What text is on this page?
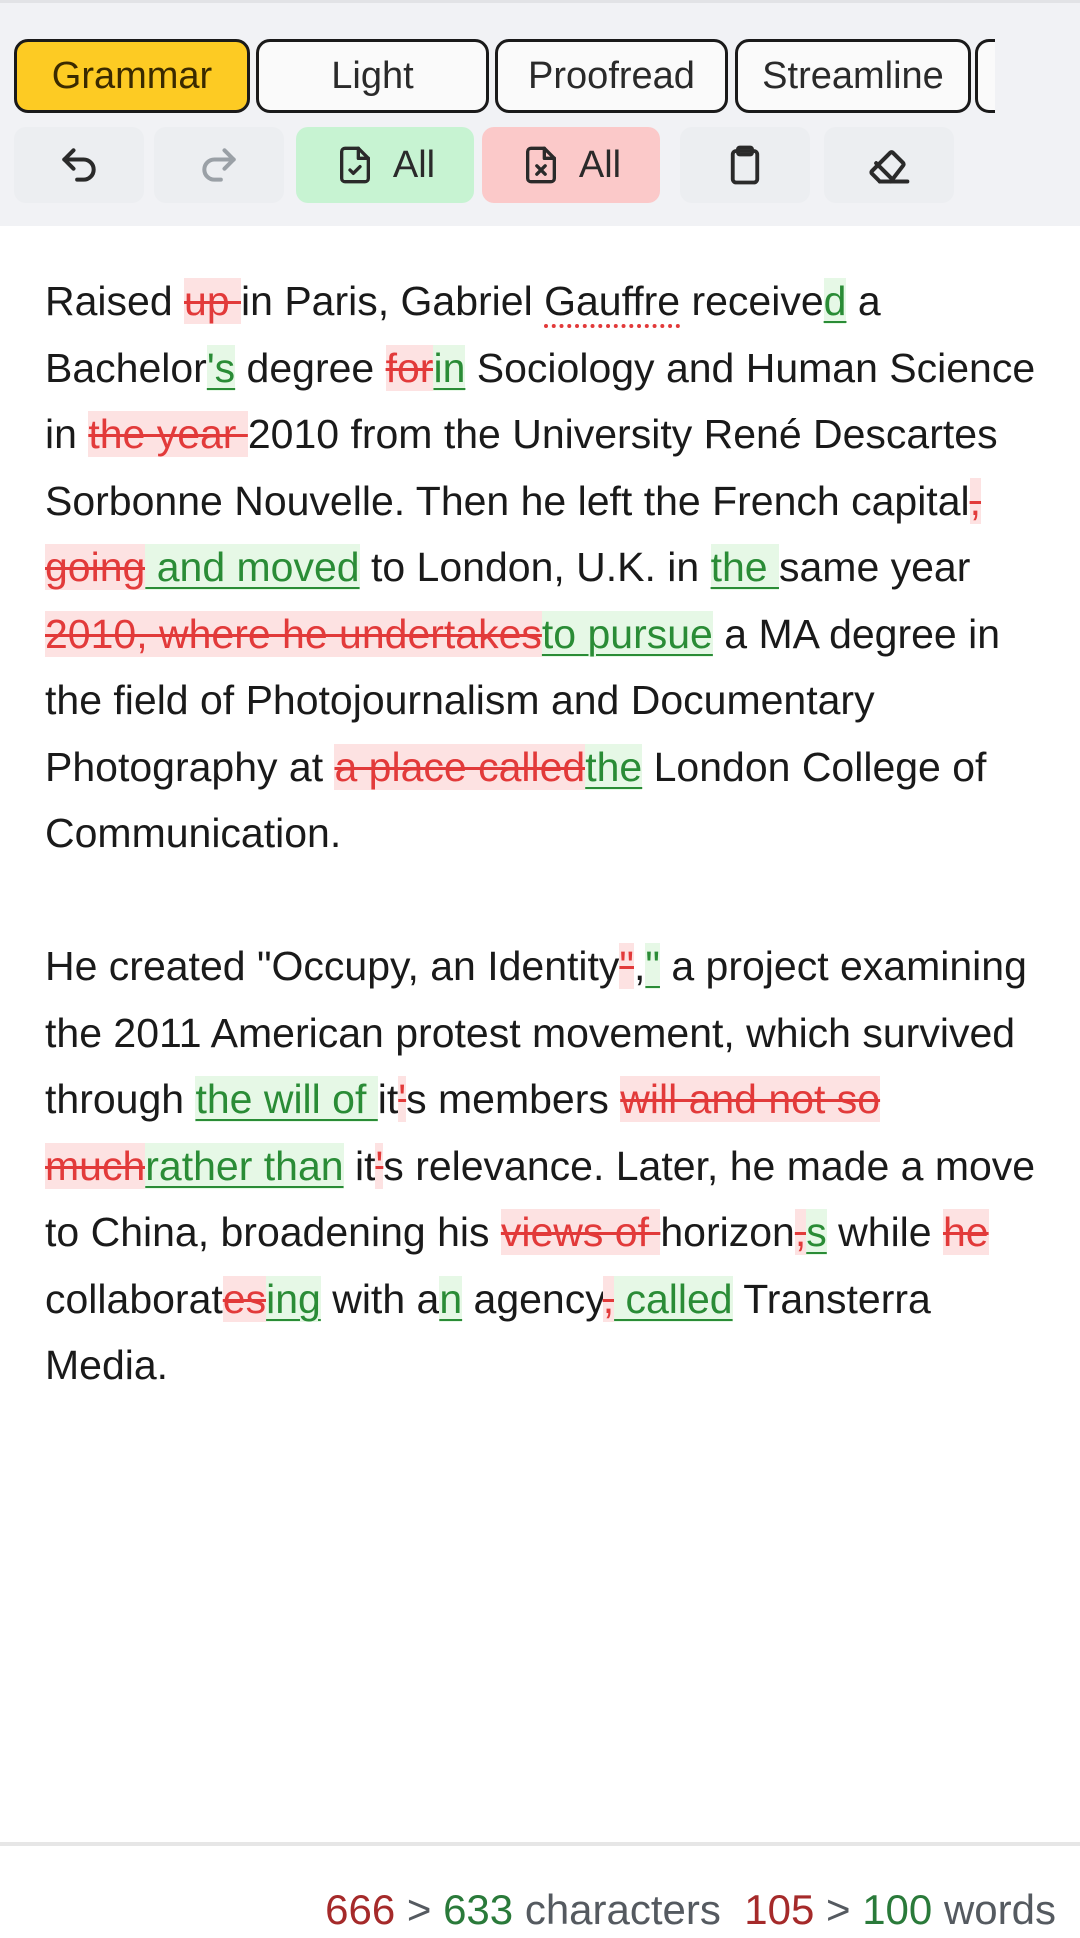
Grammar	Light	Proofread	Streamline
All	All

Raised up in Paris, Gabriel Gauffre received a Bachelor's degree forin Sociology and Human Science in the year 2010 from the University René Descartes Sorbonne Nouvelle. Then he left the French capital, going and moved to London, U.K. in the same year 2010, where he undertakesto pursue a MA degree in the field of Photojournalism and Documentary Photography at a place calledthe London College of Communication.

He created "Occupy, an Identity"," a project examining the 2011 American protest movement, which survived through the will of it's members will and not so muchrather than it's relevance. Later, he made a move to China, broadening his views of horizon,s while he collaboratesing with an agency, called Transterra Media.

666 > 633 characters 105 > 100 words
